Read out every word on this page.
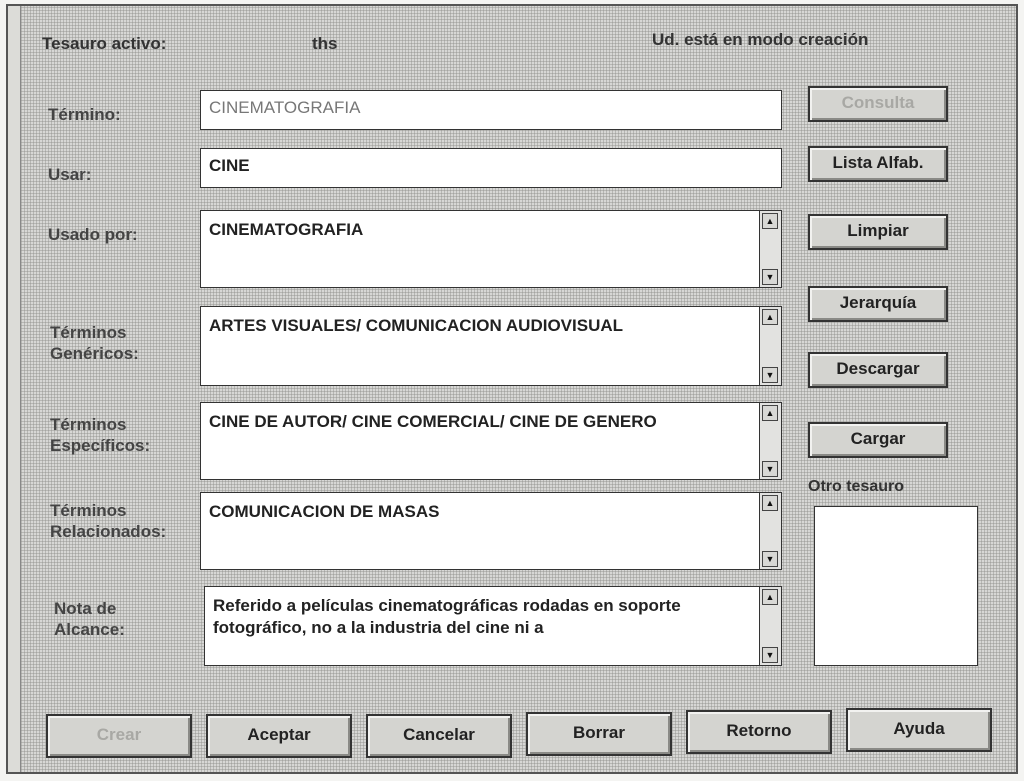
Tesauro activo:	ths	Ud. está en modo creación
Término:	CINEMATOGRAFIA
Usar:	CINE
Usado por:	CINEMATOGRAFIA	▲
▼
Términos
Genéricos:
ARTES VISUALES/ COMUNICACION AUDIOVISUAL	▲
▼
Términos
Específicos:
CINE DE AUTOR/ CINE COMERCIAL/ CINE DE GENERO	▲
▼
Términos
Relacionados:
COMUNICACION DE MASAS	▲
▼
Nota de
Alcance:
Referido a películas cinematográficas rodadas en soporte fotográfico, no a la industria del cine ni a
▲
▼
Consulta
Lista Alfab.
Limpiar
Jerarquía
Descargar
Cargar
Otro tesauro
Crear	Aceptar	Cancelar	Borrar	Retorno	Ayuda
